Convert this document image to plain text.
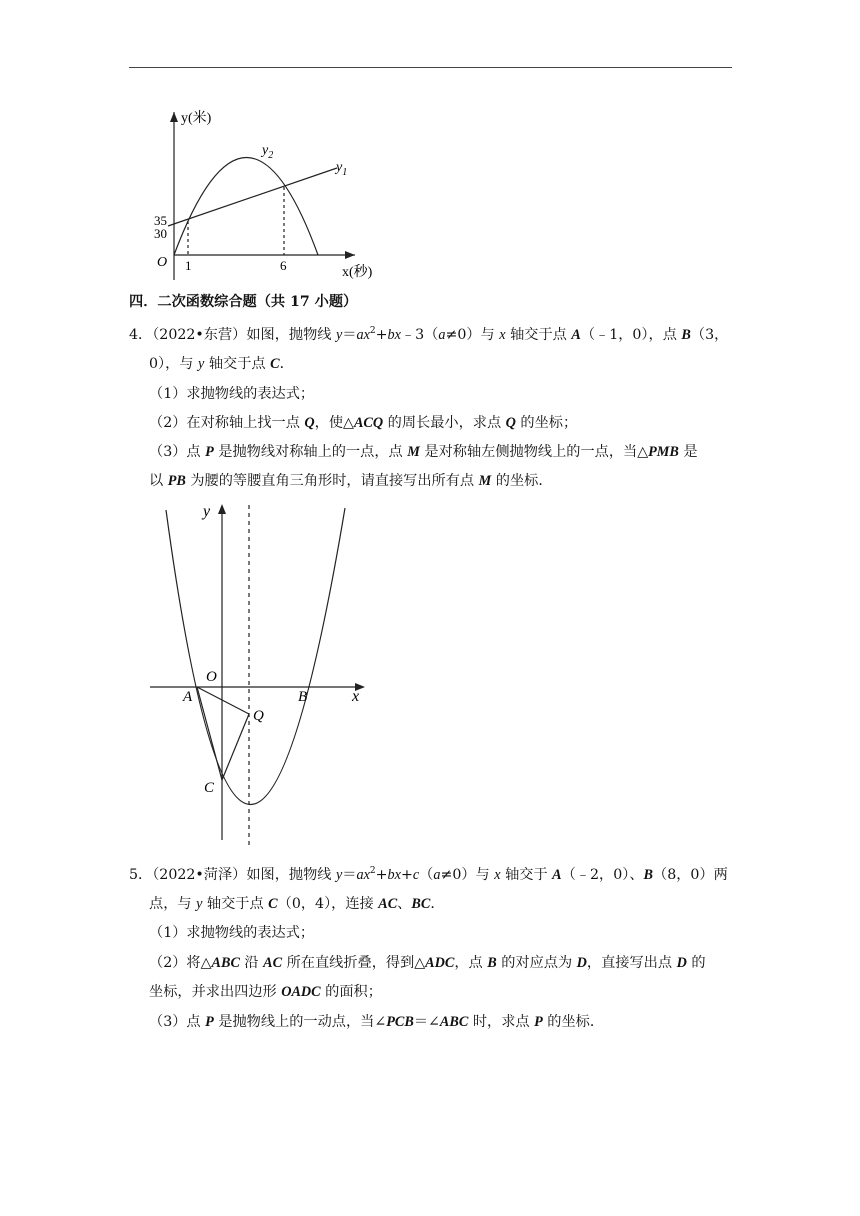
y(米)
x(秒)
O
35
30
1	6
$y_2$
$y_1$
四．二次函数综合题（共 17 小题）
4．（2022•东营）如图，抛物线 $y=ax^2+bx﹣3(a\ne 0)$与 x 轴交于点 A（﹣1，0），点 B（3，
0），与 y 轴交于点 C．
（1）求抛物线的表达式；
（2）在对称轴上找一点 Q，使△ACQ 的周长最小，求点 Q 的坐标；
（3）点 P 是抛物线对称轴上的一点，点 M 是对称轴左侧抛物线上的一点，当△PMB 是
以 PB 为腰的等腰直角三角形时，请直接写出所有点 M 的坐标．
y
x
O
A	B
C
Q
5．（2022•菏泽）如图，抛物线 $y=ax^2+bx+c(a\ne 0)$与 x 轴交于 A（﹣2，0）、B（8，0）两
点，与 y 轴交于点 C（0，4），连接 AC、BC．
（1）求抛物线的表达式；
（2）将△ABC 沿 AC 所在直线折叠，得到△ADC，点 B 的对应点为 D，直接写出点 D 的
坐标，并求出四边形 OADC 的面积；
（3）点 P 是抛物线上的一动点，当∠PCB＝∠ABC 时，求点 P 的坐标．
